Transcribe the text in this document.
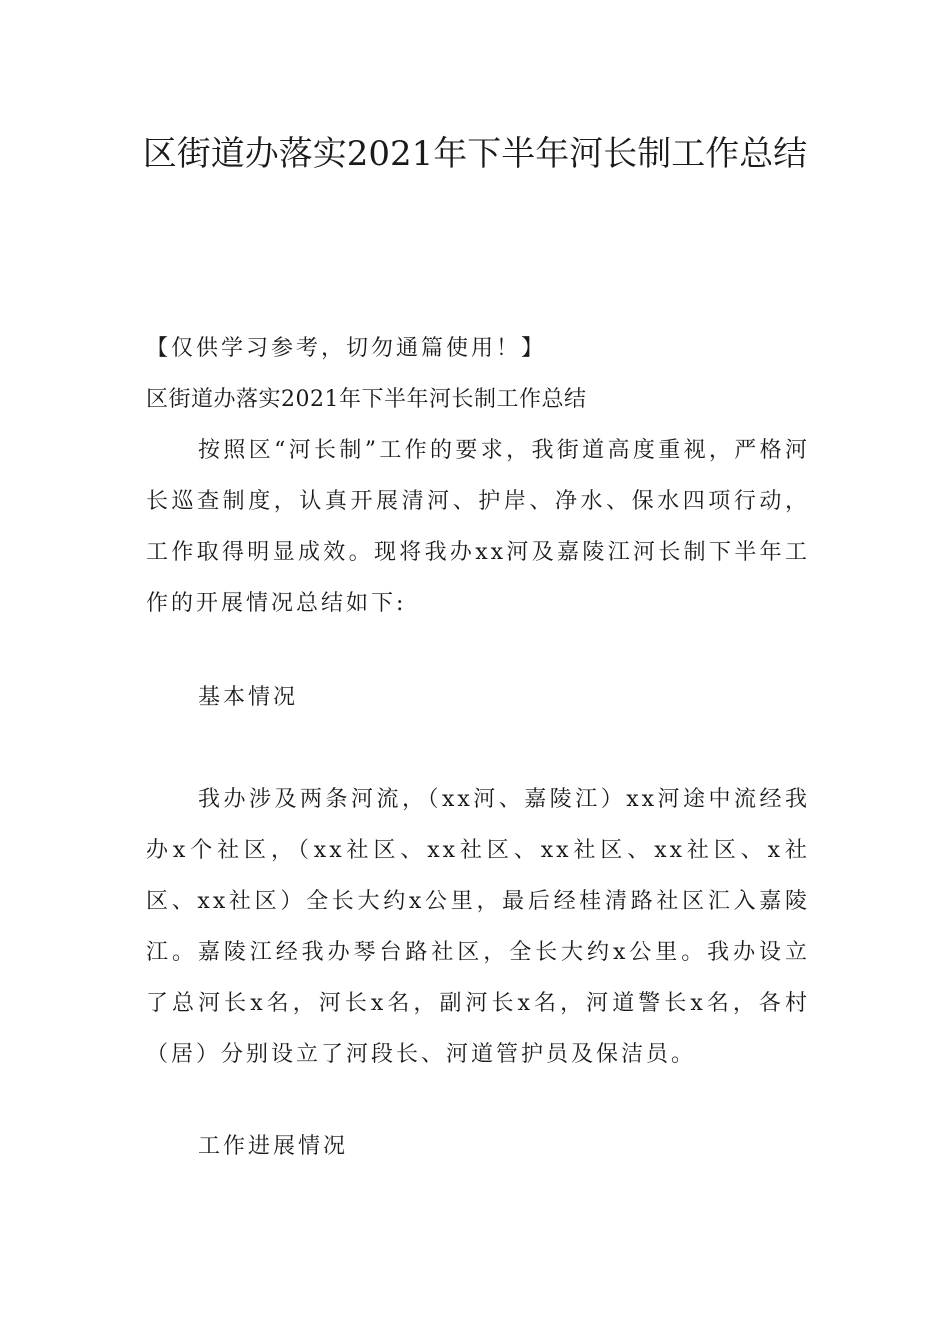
区街道办落实2021年下半年河长制工作总结

【仅供学习参考，切勿通篇使用！】

区街道办落实2021年下半年河长制工作总结

按照区“河长制”工作的要求，我街道高度重视，严格河长巡查制度，认真开展清河、护岸、净水、保水四项行动，工作取得明显成效。现将我办xx河及嘉陵江河长制下半年工作的开展情况总结如下:

基本情况

我办涉及两条河流，（xx河、嘉陵江）xx河途中流经我办x个社区，（xx社区、xx社区、xx社区、xx社区、x社区、xx社区）全长大约x公里，最后经桂清路社区汇入嘉陵江。嘉陵江经我办琴台路社区，全长大约x公里。我办设立了总河长x名，河长x名，副河长x名，河道警长x名，各村（居）分别设立了河段长、河道管护员及保洁员。

工作进展情况
